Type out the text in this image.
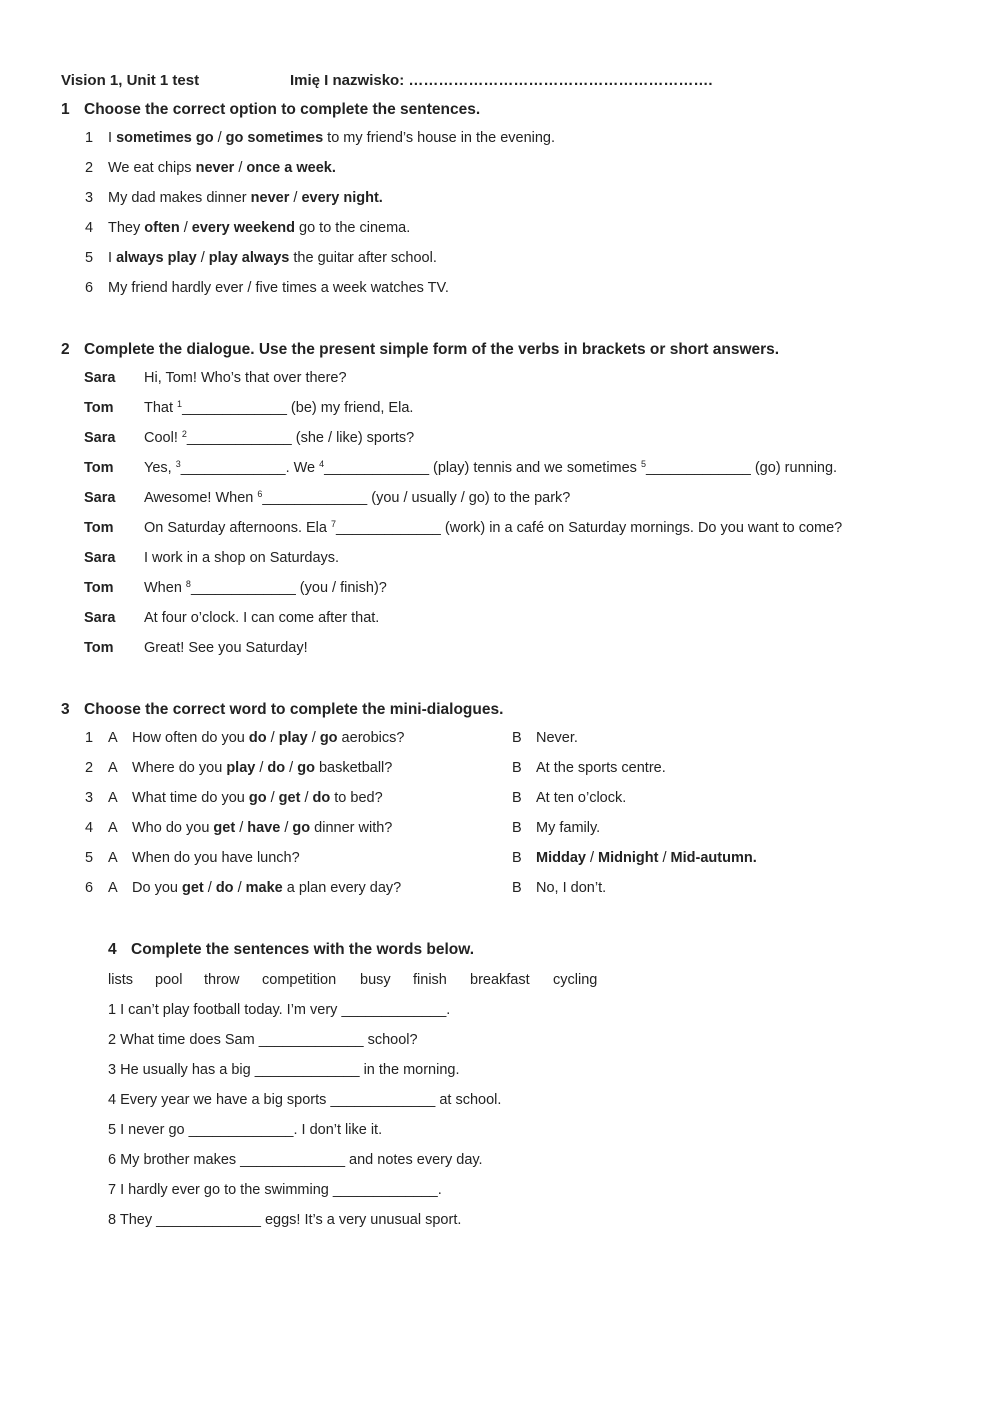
Vision 1, Unit 1 test	Imię I nazwisko: …………………………………………………….
1 Choose the correct option to complete the sentences.
1 I sometimes go / go sometimes to my friend’s house in the evening.
2 We eat chips never / once a week.
3 My dad makes dinner never / every night.
4 They often / every weekend go to the cinema.
5 I always play / play always the guitar after school.
6 My friend hardly ever / five times a week watches TV.
2 Complete the dialogue. Use the present simple form of the verbs in brackets or short answers.
3 Choose the correct word to complete the mini-dialogues.
4 Complete the sentences with the words below.
Sara Hi, Tom! Who’s that over there?
Tom That $^1$_____________ (be) my friend, Ela.
Sara Cool! $^2$_____________ (she / like) sports?
Tom Yes, $^3$_____________. We $^4$_____________ (play) tennis and we sometimes $^5$_____________ (go) running.
Sara Awesome! When $^6$_____________ (you / usually / go) to the park?
Tom On Saturday afternoons. Ela $^7$_____________ (work) in a café on Saturday mornings. Do you want to come?
Sara I work in a shop on Saturdays.
Tom When $^8$_____________ (you / finish)?
Sara At four o’clock. I can come after that.
Tom Great! See you Saturday!
1 A How often do you do / play / go aerobics?	B Never.
2 A Where do you play / do / go basketball?	B At the sports centre.
3 A What time do you go / get / do to bed?	B At ten o’clock.
4 A Who do you get / have / go dinner with?	B My family.
5 A When do you have lunch?	B Midday / Midnight / Mid-autumn.
6 A Do you get / do / make a plan every day?	B No, I don’t.
lists pool throw competition busy finish breakfast cycling
1 I can’t play football today. I’m very _____________.
2 What time does Sam _____________ school?
3 He usually has a big _____________ in the morning.
4 Every year we have a big sports _____________ at school.
5 I never go _____________. I don’t like it.
6 My brother makes _____________ and notes every day.
7 I hardly ever go to the swimming _____________.
8 They _____________ eggs! It’s a very unusual sport.
